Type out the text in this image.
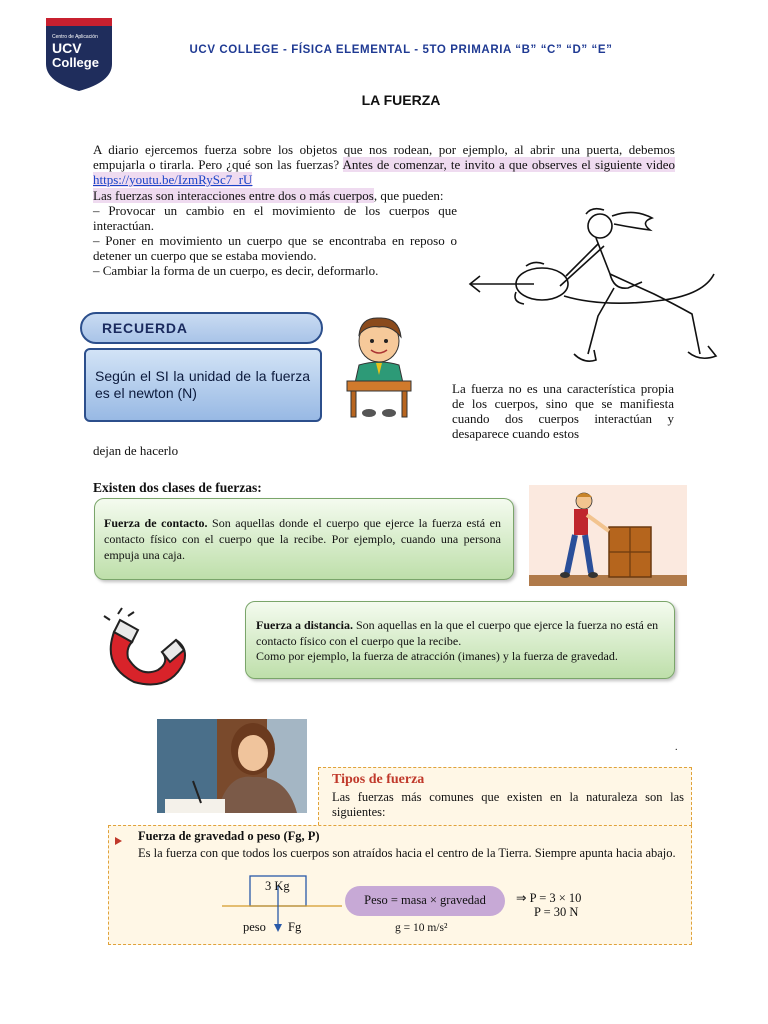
Centro de Aplicación
UCV
College
UCV COLLEGE - FÍSICA ELEMENTAL - 5TO PRIMARIA “B” “C” “D” “E”
LA FUERZA
A diario ejercemos fuerza sobre los objetos que nos rodean, por ejemplo, al abrir una puerta, debemos empujarla o tirarla. Pero ¿qué son las fuerzas? Antes de comenzar, te invito a que observes el siguiente video https://youtu.be/IzmRySc7_rU
Las fuerzas son interacciones entre dos o más cuerpos, que pueden:
– Provocar un cambio en el movimiento de los cuerpos que interactúan.
– Poner en movimiento un cuerpo que se encontraba en reposo o detener un cuerpo que se estaba moviendo.
– Cambiar la forma de un cuerpo, es decir, deformarlo.
RECUERDA
Según el SI la unidad de la fuerza es el newton (N)	La fuerza no es una característica propia de los cuerpos, sino que se manifiesta cuando dos cuerpos interactúan y desaparece cuando estos
dejan de hacerlo
Existen dos clases de fuerzas:
Fuerza de contacto. Son aquellas donde el cuerpo que ejerce la fuerza está en contacto físico con el cuerpo que la recibe. Por ejemplo, cuando una persona empuja una caja.
Fuerza a distancia. Son aquellas en la que el cuerpo que ejerce la fuerza no está en contacto físico con el cuerpo que la recibe.
Como por ejemplo, la fuerza de atracción (imanes) y la fuerza de gravedad.
.
Tipos de fuerza
Las fuerzas más comunes que existen en la naturaleza son las siguientes:
Fuerza de gravedad o peso (Fg, P)
Es la fuerza con que todos los cuerpos son atraídos hacia el centro de la Tierra. Siempre apunta hacia abajo.
3 Kg
peso Fg
Peso = masa × gravedad
g = 10 m/s²
⇒ P = 3 × 10
P = 30 N
